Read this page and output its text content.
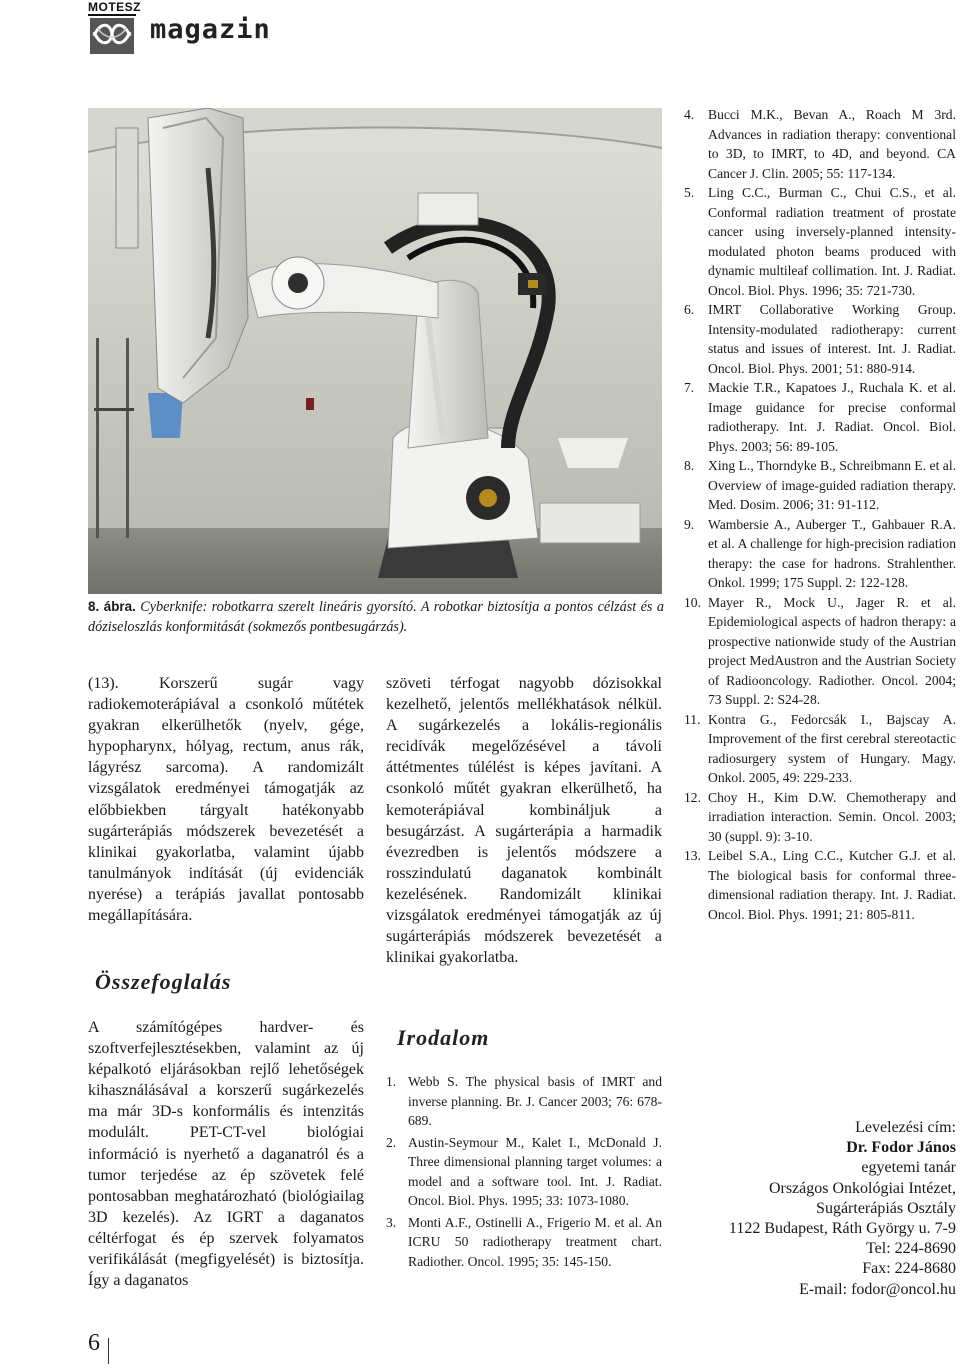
MOTESZ
magazin
8. ábra. Cyberknife: robotkarra szerelt lineáris gyorsító. A robotkar biztosítja a pontos célzást és a dóziseloszlás konformitását (sokmezős pontbesugárzás).

(13). Korszerű sugár vagy radiokemoterápiával a csonkoló műtétek gyakran elkerülhetők (nyelv, gége, hypopharynx, hólyag, rectum, anus rák, lágyrész sarcoma). A randomizált vizsgálatok eredményei támogatják az előbbiekben tárgyalt hatékonyabb sugárterápiás módszerek bevezetését a klinikai gyakorlatba, valamint újabb tanulmányok indítását (új evidenciák nyerése) a terápiás javallat pontosabb megállapítására.

Összefoglalás

A számítógépes hardver- és szoftverfejlesztésekben, valamint az új képalkotó eljárásokban rejlő lehetőségek kihasználásával a korszerű sugárkezelés ma már 3D-s konformális és intenzitás modulált. PET-CT-vel biológiai információ is nyerhető a daganatról és a tumor terjedése az ép szövetek felé pontosabban meghatározható (biológiailag 3D kezelés). Az IGRT a daganatos céltérfogat és ép szervek folyamatos verifikálását (megfigyelését) is biztosítja. Így a daganatos

szöveti térfogat nagyobb dózisokkal kezelhető, jelentős mellékhatások nélkül. A sugárkezelés a lokális-regionális recidívák megelőzésével a távoli áttétmentes túlélést is képes javítani. A csonkoló műtét gyakran elkerülhető, ha kemoterápiával kombináljuk a besugárzást. A sugárterápia a harmadik évezredben is jelentős módszere a rosszindulatú daganatok kombinált kezelésének. Randomizált klinikai vizsgálatok eredményei támogatják az új sugárterápiás módszerek bevezetését a klinikai gyakorlatba.

Irodalom
1. Webb S. The physical basis of IMRT and inverse planning. Br. J. Cancer 2003; 76: 678-689.
2. Austin-Seymour M., Kalet I., McDonald J. Three dimensional planning target volumes: a model and a software tool. Int. J. Radiat. Oncol. Biol. Phys. 1995; 33: 1073-1080.
3. Monti A.F., Ostinelli A., Frigerio M. et al. An ICRU 50 radiotherapy treatment chart. Radiother. Oncol. 1995; 35: 145-150.
4. Bucci M.K., Bevan A., Roach M 3rd. Advances in radiation therapy: conventional to 3D, to IMRT, to 4D, and beyond. CA Cancer J. Clin. 2005; 55: 117-134.
5. Ling C.C., Burman C., Chui C.S., et al. Conformal radiation treatment of prostate cancer using inversely-planned intensity-modulated photon beams produced with dynamic multileaf collimation. Int. J. Radiat. Oncol. Biol. Phys. 1996; 35: 721-730.
6. IMRT Collaborative Working Group. Intensity-modulated radiotherapy: current status and issues of interest. Int. J. Radiat. Oncol. Biol. Phys. 2001; 51: 880-914.
7. Mackie T.R., Kapatoes J., Ruchala K. et al. Image guidance for precise conformal radiotherapy. Int. J. Radiat. Oncol. Biol. Phys. 2003; 56: 89-105.
8. Xing L., Thorndyke B., Schreibmann E. et al. Overview of image-guided radiation therapy. Med. Dosim. 2006; 31: 91-112.
9. Wambersie A., Auberger T., Gahbauer R.A. et al. A challenge for high-precision radiation therapy: the case for hadrons. Strahlenther. Onkol. 1999; 175 Suppl. 2: 122-128.
10. Mayer R., Mock U., Jager R. et al. Epidemiological aspects of hadron therapy: a prospective nationwide study of the Austrian project MedAustron and the Austrian Society of Radiooncology. Radiother. Oncol. 2004; 73 Suppl. 2: S24-28.
11. Kontra G., Fedorcsák I., Bajscay A. Improvement of the first cerebral stereotactic radiosurgery system of Hungary. Magy. Onkol. 2005, 49: 229-233.
12. Choy H., Kim D.W. Chemotherapy and irradiation interaction. Semin. Oncol. 2003; 30 (suppl. 9): 3-10.
13. Leibel S.A., Ling C.C., Kutcher G.J. et al. The biological basis for conformal three-dimensional radiation therapy. Int. J. Radiat. Oncol. Biol. Phys. 1991; 21: 805-811.
Levelezési cím:
Dr. Fodor János
egyetemi tanár
Országos Onkológiai Intézet,
Sugárterápiás Osztály
1122 Budapest, Ráth György u. 7-9
Tel: 224-8690
Fax: 224-8680
E-mail: fodor@oncol.hu
6
